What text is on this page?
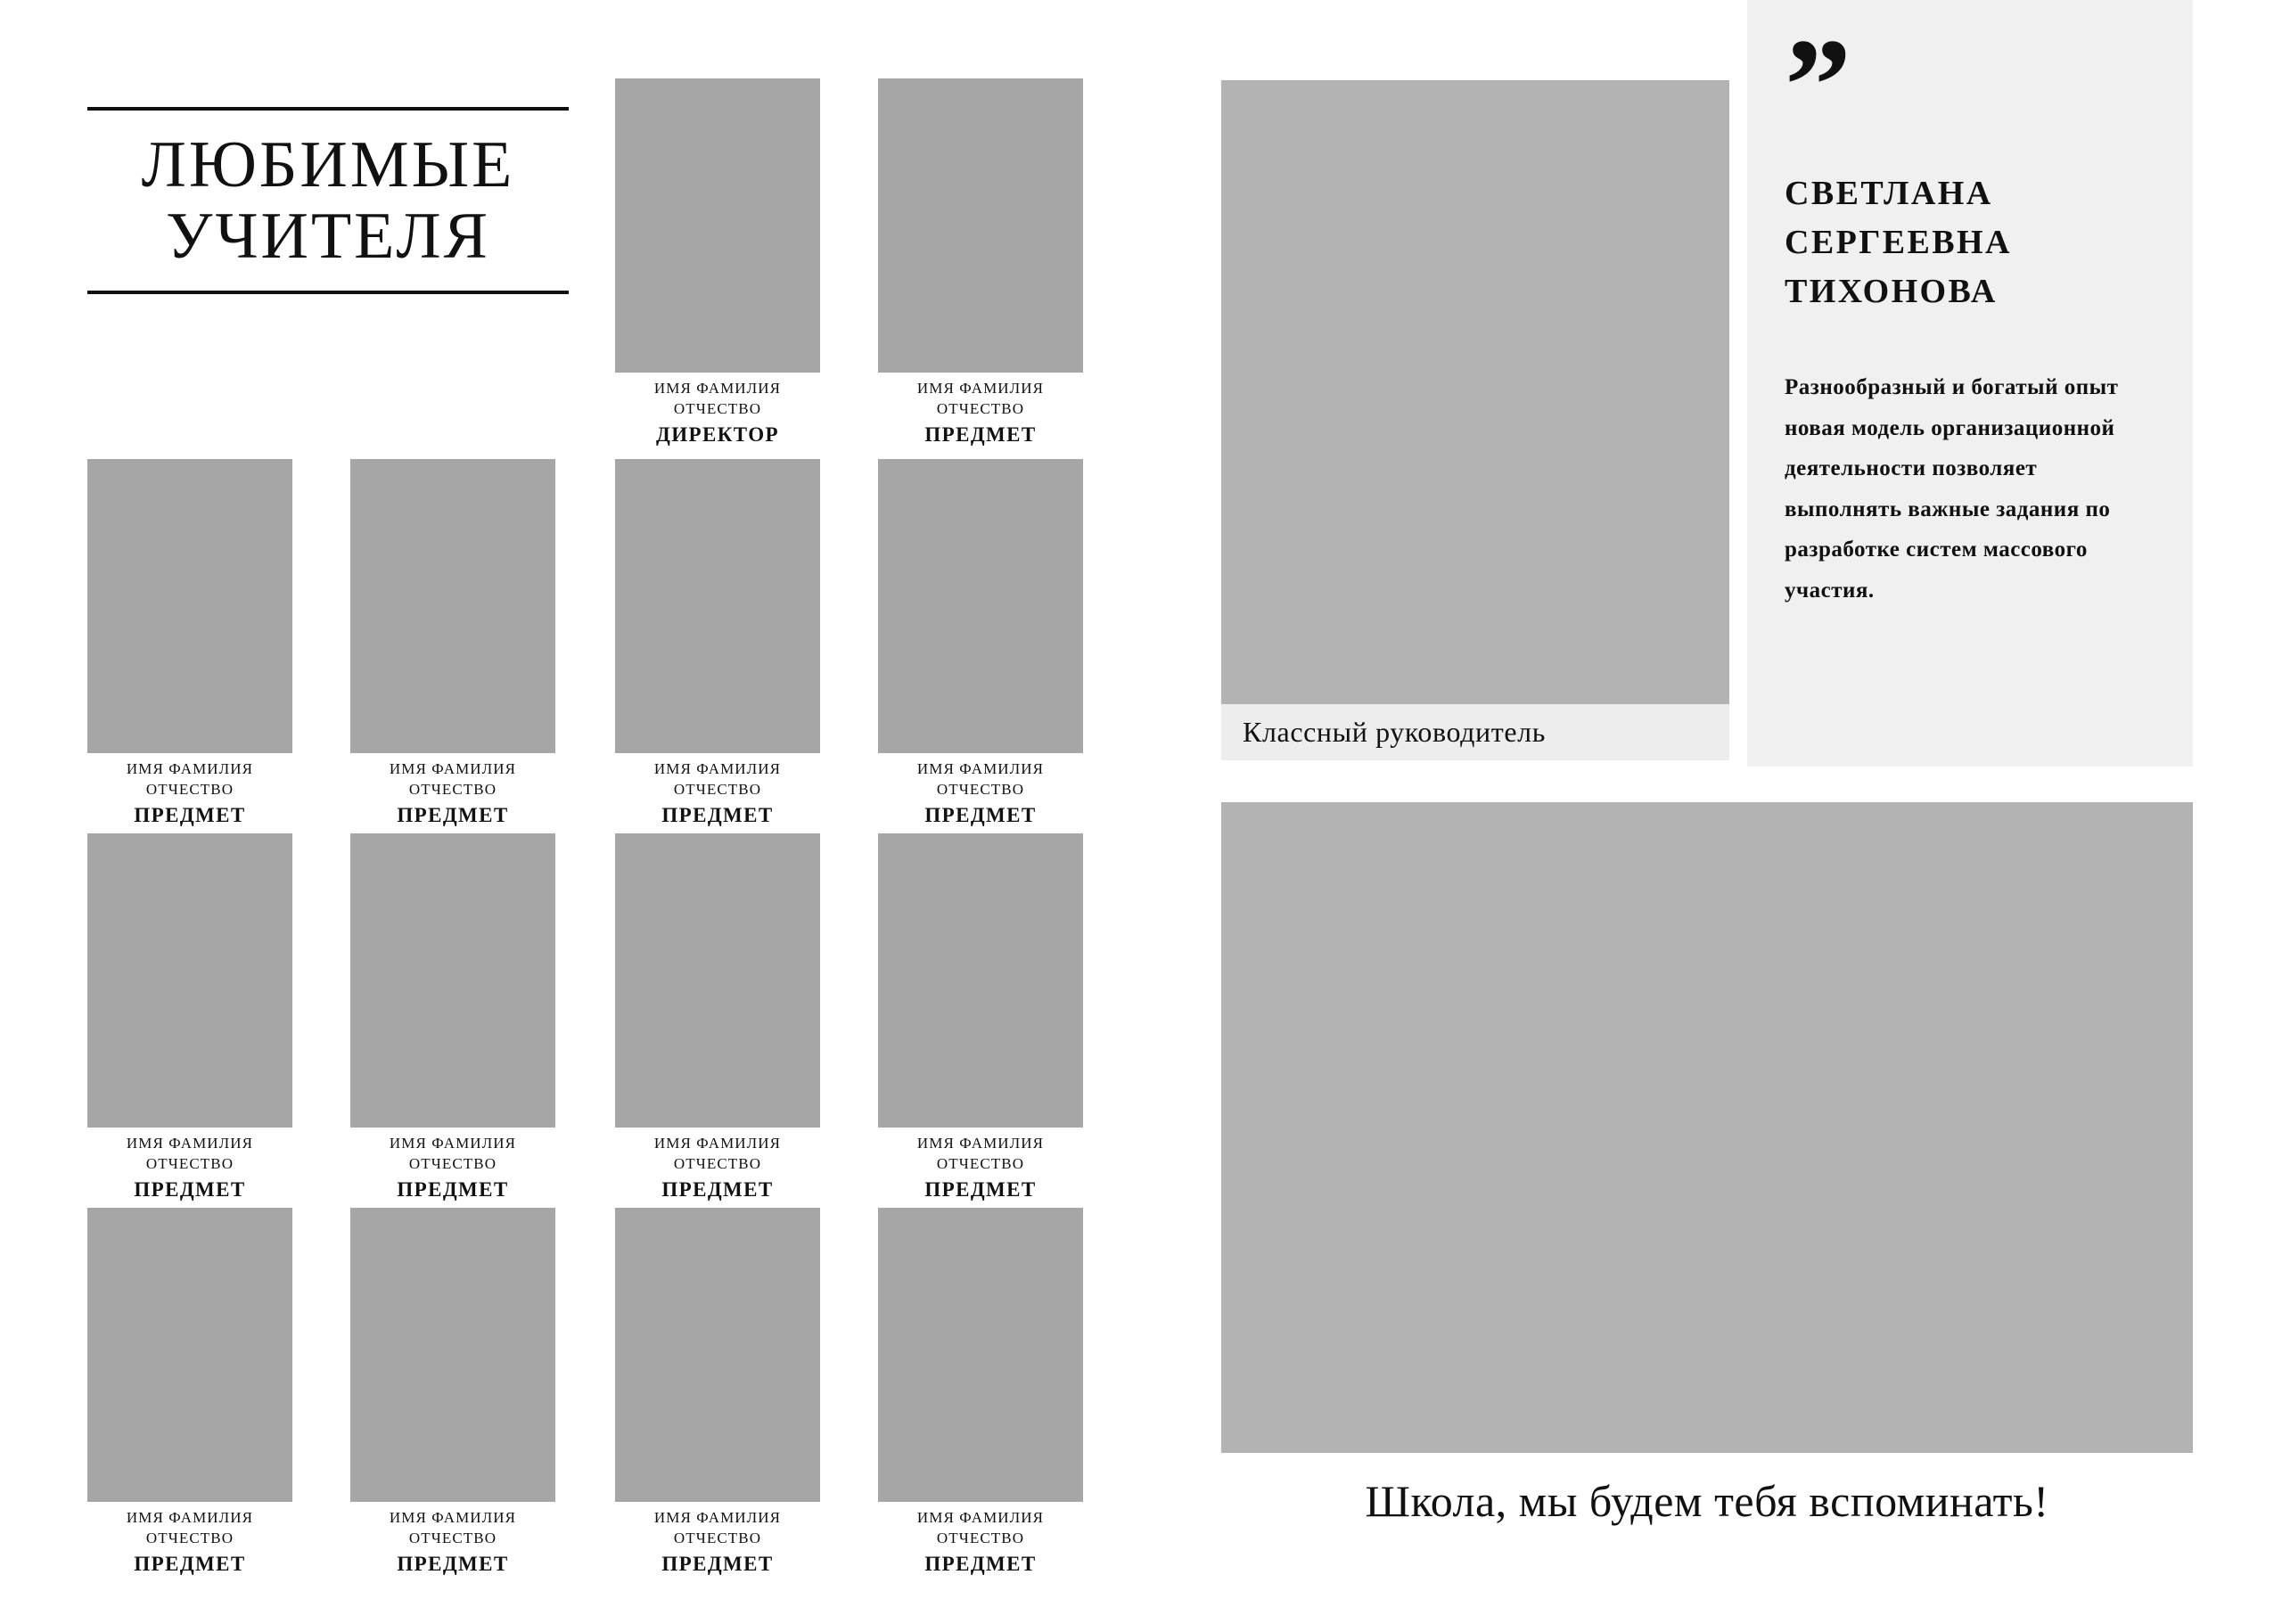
ЛЮБИМЫЕ
УЧИТЕЛЯ
ИМЯ ФАМИЛИЯ
ОТЧЕСТВО
ДИРЕКТОР
ИМЯ ФАМИЛИЯ
ОТЧЕСТВО
ПРЕДМЕТ
ИМЯ ФАМИЛИЯ
ОТЧЕСТВО
ПРЕДМЕТ
ИМЯ ФАМИЛИЯ
ОТЧЕСТВО
ПРЕДМЕТ
ИМЯ ФАМИЛИЯ
ОТЧЕСТВО
ПРЕДМЕТ
ИМЯ ФАМИЛИЯ
ОТЧЕСТВО
ПРЕДМЕТ
ИМЯ ФАМИЛИЯ
ОТЧЕСТВО
ПРЕДМЕТ
ИМЯ ФАМИЛИЯ
ОТЧЕСТВО
ПРЕДМЕТ
ИМЯ ФАМИЛИЯ
ОТЧЕСТВО
ПРЕДМЕТ
ИМЯ ФАМИЛИЯ
ОТЧЕСТВО
ПРЕДМЕТ
ИМЯ ФАМИЛИЯ
ОТЧЕСТВО
ПРЕДМЕТ
ИМЯ ФАМИЛИЯ
ОТЧЕСТВО
ПРЕДМЕТ
ИМЯ ФАМИЛИЯ
ОТЧЕСТВО
ПРЕДМЕТ
ИМЯ ФАМИЛИЯ
ОТЧЕСТВО
ПРЕДМЕТ
”
СВЕТЛАНА СЕРГЕЕВНА ТИХОНОВА
Разнообразный и богатый опыт новая модель организационной деятельности позволяет выполнять важные задания по разработке систем массового участия.
Классный руководитель
Школа, мы будем тебя вспоминать!
